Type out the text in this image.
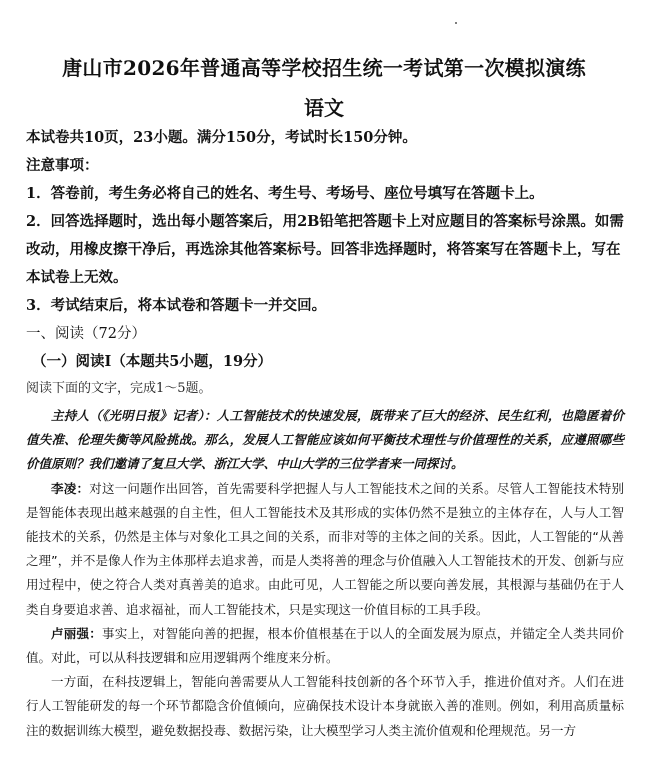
唐山市2026年普通高等学校招生统一考试第一次模拟演练
语文

本试卷共10页，23小题。满分150分，考试时长150分钟。

注意事项：

1．答卷前，考生务必将自己的姓名、考生号、考场号、座位号填写在答题卡上。

2．回答选择题时，选出每小题答案后，用2B铅笔把答题卡上对应题目的答案标号涂黑。如需改动，用橡皮擦干净后，再选涂其他答案标号。回答非选择题时，将答案写在答题卡上，写在本试卷上无效。

3．考试结束后，将本试卷和答题卡一并交回。

一、阅读（72分）

（一）阅读Ⅰ（本题共5小题，19分）

阅读下面的文字，完成1～5题。

主持人（《光明日报》记者）：人工智能技术的快速发展，既带来了巨大的经济、民生红利，也隐匿着价值失准、伦理失衡等风险挑战。那么，发展人工智能应该如何平衡技术理性与价值理性的关系，应遵照哪些价值原则？我们邀请了复旦大学、浙江大学、中山大学的三位学者来一同探讨。

李凌：对这一问题作出回答，首先需要科学把握人与人工智能技术之间的关系。尽管人工智能技术特别是智能体表现出越来越强的自主性，但人工智能技术及其形成的实体仍然不是独立的主体存在，人与人工智能技术的关系，仍然是主体与对象化工具之间的关系，而非对等的主体之间的关系。因此，人工智能的“从善之理”，并不是像人作为主体那样去追求善，而是人类将善的理念与价值融入人工智能技术的开发、创新与应用过程中，使之符合人类对真善美的追求。由此可见，人工智能之所以要向善发展，其根源与基础仍在于人类自身要追求善、追求福祉，而人工智能技术，只是实现这一价值目标的工具手段。

卢丽强：事实上，对智能向善的把握，根本价值根基在于以人的全面发展为原点，并锚定全人类共同价值。对此，可以从科技逻辑和应用逻辑两个维度来分析。

一方面，在科技逻辑上，智能向善需要从人工智能科技创新的各个环节入手，推进价值对齐。人们在进行人工智能研发的每一个环节都隐含价值倾向，应确保技术设计本身就嵌入善的准则。例如，利用高质量标注的数据训练大模型，避免数据投毒、数据污染，让大模型学习人类主流价值观和伦理规范。另一方
